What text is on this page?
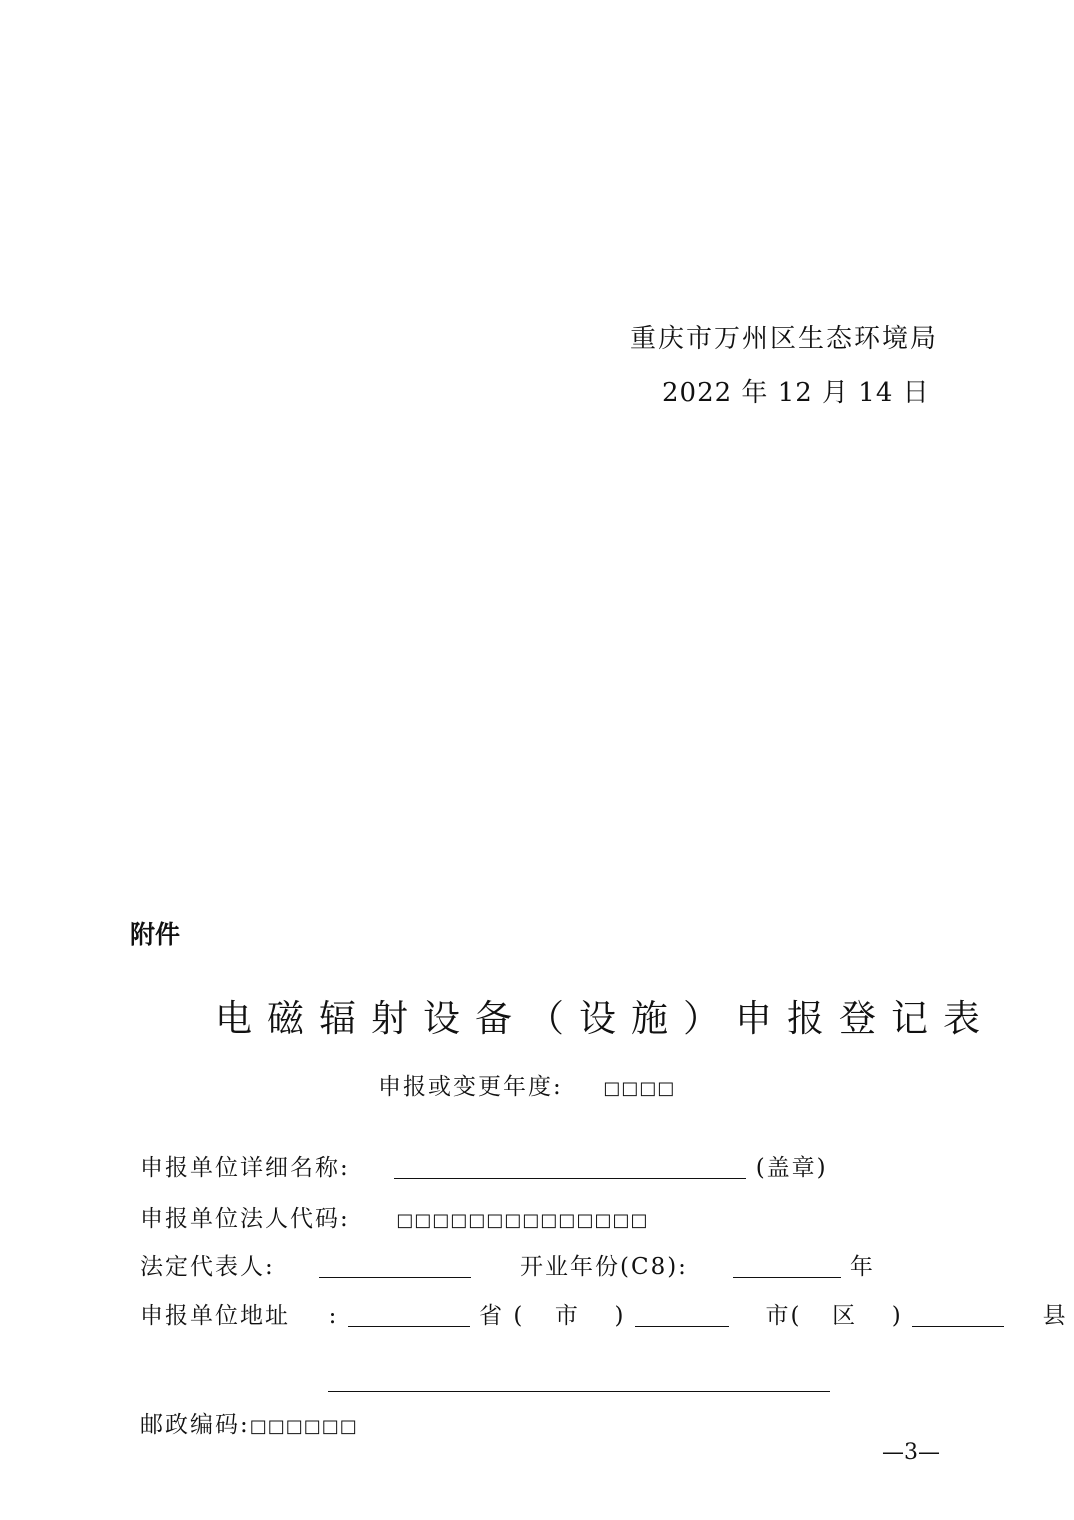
重庆市万州区生态环境局
2022 年 12 月 14 日
附件
电磁辐射设备（设施）申报登记表
申报或变更年度: □□□□
申报单位详细名称:	(盖章)
申报单位法人代码:	□□□□□□□□□□□□□□
法定代表人:	开业年份(C8):	年
申报单位地址 :	省 ( 市 )	市( 区 )	县
邮政编码:□□□□□□
—3—
